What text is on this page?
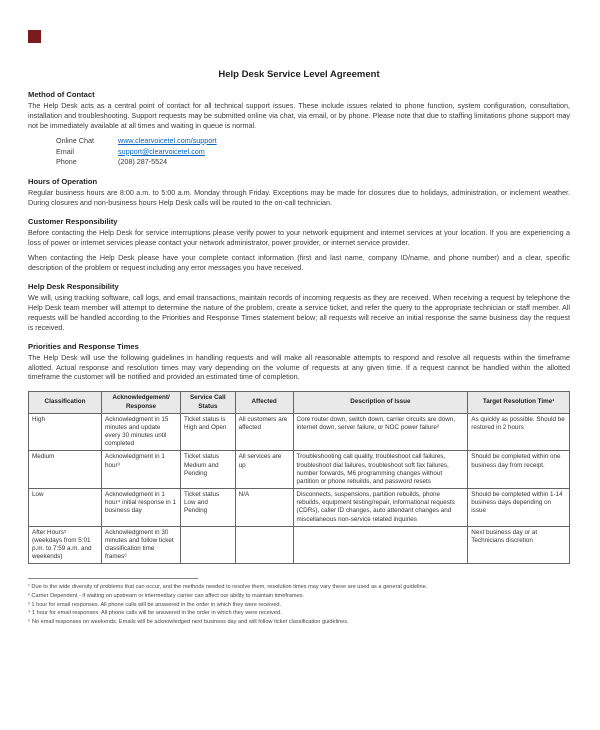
Help Desk Service Level Agreement
Method of Contact
The Help Desk acts as a central point of contact for all technical support issues. These include issues related to phone function, system configuration, consultation, installation and troubleshooting. Support requests may be submitted online via chat, via email, or by phone. Please note that due to staffing limitations phone support may not be immediately available at all times and waiting in queue is normal.
Online Chat	www.clearvoicetel.com/support
Email	support@clearvoicetel.com
Phone	(208) 287-5524
Hours of Operation
Regular business hours are 8:00 a.m. to 5:00 a.m. Monday through Friday. Exceptions may be made for closures due to holidays, administration, or inclement weather. During closures and non-business hours Help Desk calls will be routed to the on-call technician.
Customer Responsibility
Before contacting the Help Desk for service interruptions please verify power to your network equipment and internet services at your location. If you are experiencing a loss of power or internet services please contact your network administrator, power provider, or internet service provider.
When contacting the Help Desk please have your complete contact information (first and last name, company ID/name, and phone number) and a clear, specific description of the problem or request including any error messages you have received.
Help Desk Responsibility
We will, using tracking software, call logs, and email transactions, maintain records of incoming requests as they are received. When receiving a request by telephone the Help Desk team member will attempt to determine the nature of the problem, create a service ticket, and refer the query to the appropriate technician or staff member. All requests will be handled according to the Priorities and Response Times statement below; all requests will receive an initial response the same business day the request is received.
Priorities and Response Times
The Help Desk will use the following guidelines in handling requests and will make all reasonable attempts to respond and resolve all requests within the timeframe allotted. Actual response and resolution times may vary depending on the volume of requests at any given time. If a request cannot be handled within the allotted timeframe the customer will be notified and provided an estimated time of completion.
Classification	Acknowledgement/ Response	Service Call Status	Affected	Description of Issue	Target Resolution Time¹
High	Acknowledgment in 15 minutes and update every 30 minutes until completed	Ticket status is High and Open	All customers are affected	Core router down, switch down, carrier circuits are down, internet down, server failure, or NOC power failure²	As quickly as possible. Should be restored in 2 hours
Medium	Acknowledgment in 1 hour³	Ticket status Medium and Pending	All services are up	Troubleshooting call quality, troubleshoot call failures, troubleshoot dial failures, troubleshoot soft fax failures, number forwards, M6 programming changes without partition or phone rebuilds, and password resets	Should be completed within one business day from receipt.
Low	Acknowledgment in 1 hour⁴ initial response in 1 business day	Ticket status Low and Pending	N/A	Disconnects, suspensions, partition rebuilds, phone rebuilds, equipment testing/repair, informational requests (CDRs), caller ID changes, auto attendant changes and miscellaneous non-service related inquiries	Should be completed within 1-14 business days depending on issue
After Hours⁵ (weekdays from 5:01 p.m. to 7:59 a.m. and weekends)	Acknowledgment in 30 minutes and follow ticket classification time frames⁶				Next business day or at Technicians discretion
¹ Due to the wide diversity of problems that can occur, and the methods needed to resolve them, resolution times may vary these are used as a general guideline.
² Carrier Dependent - if waiting on upstream or intermediary carrier can affect our ability to maintain timeframes.
³ 1 hour for email responses. All phone calls will be answered in the order in which they were received.
⁴ 1 hour for email responses. All phone calls will be answered in the order in which they were received.
⁵ No email responses on weekends. Emails will be acknowledged next business day and will follow ticket classification guidelines.
